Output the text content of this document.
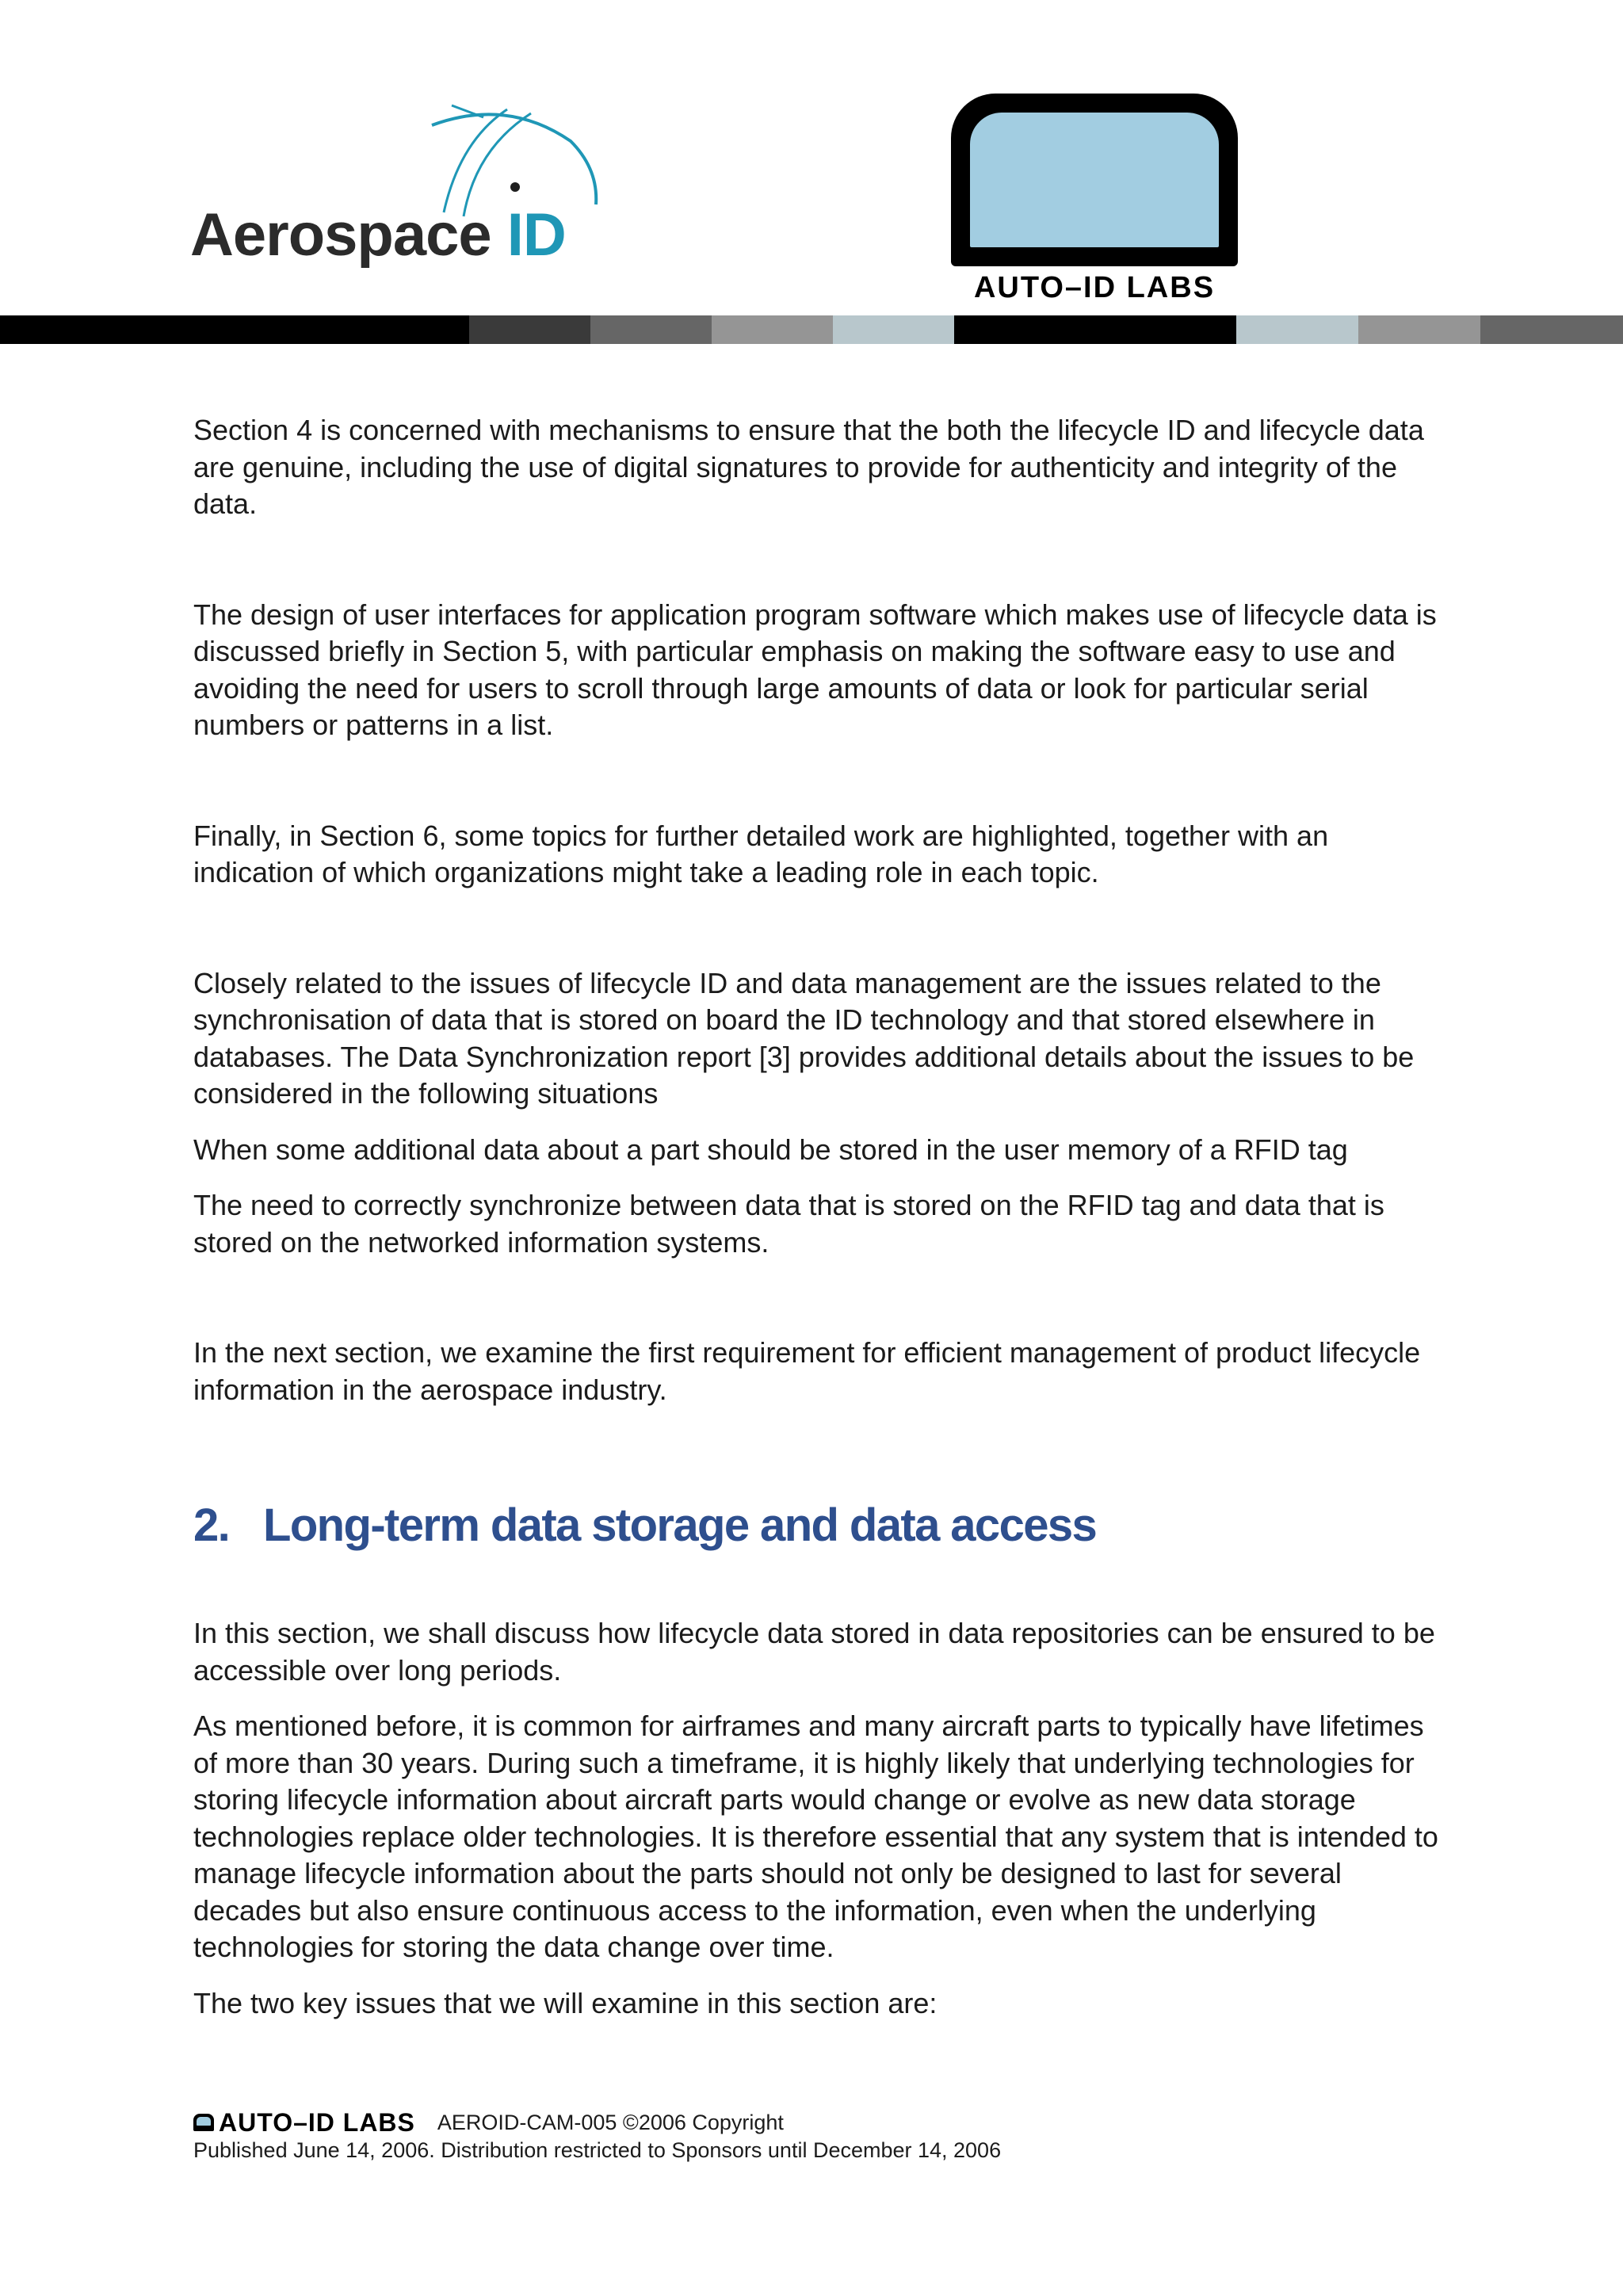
Aerospace ID
AUTO–ID LABS

Section 4 is concerned with mechanisms to ensure that the both the lifecycle ID and lifecycle data are genuine, including the use of digital signatures to provide for authenticity and integrity of the data.

The design of user interfaces for application program software which makes use of lifecycle data is discussed briefly in Section 5, with particular emphasis on making the software easy to use and avoiding the need for users to scroll through large amounts of data or look for particular serial numbers or patterns in a list.

Finally, in Section 6, some topics for further detailed work are highlighted, together with an indication of which organizations might take a leading role in each topic.

Closely related to the issues of lifecycle ID and data management are the issues related to the synchronisation of data that is stored on board the ID technology and that stored elsewhere in databases. The Data Synchronization report [3] provides additional details about the issues to be considered in the following situations

When some additional data about a part should be stored in the user memory of a RFID tag

The need to correctly synchronize between data that is stored on the RFID tag and data that is stored on the networked information systems.

In the next section, we examine the first requirement for efficient management of product lifecycle information in the aerospace industry.

2. Long-term data storage and data access

In this section, we shall discuss how lifecycle data stored in data repositories can be ensured to be accessible over long periods.

As mentioned before, it is common for airframes and many aircraft parts to typically have lifetimes of more than 30 years. During such a timeframe, it is highly likely that underlying technologies for storing lifecycle information about aircraft parts would change or evolve as new data storage technologies replace older technologies. It is therefore essential that any system that is intended to manage lifecycle information about the parts should not only be designed to last for several decades but also ensure continuous access to the information, even when the underlying technologies for storing the data change over time.

The two key issues that we will examine in this section are:

AUTO–ID LABS AEROID-CAM-005 ©2006 Copyright
Published June 14, 2006. Distribution restricted to Sponsors until December 14, 2006
